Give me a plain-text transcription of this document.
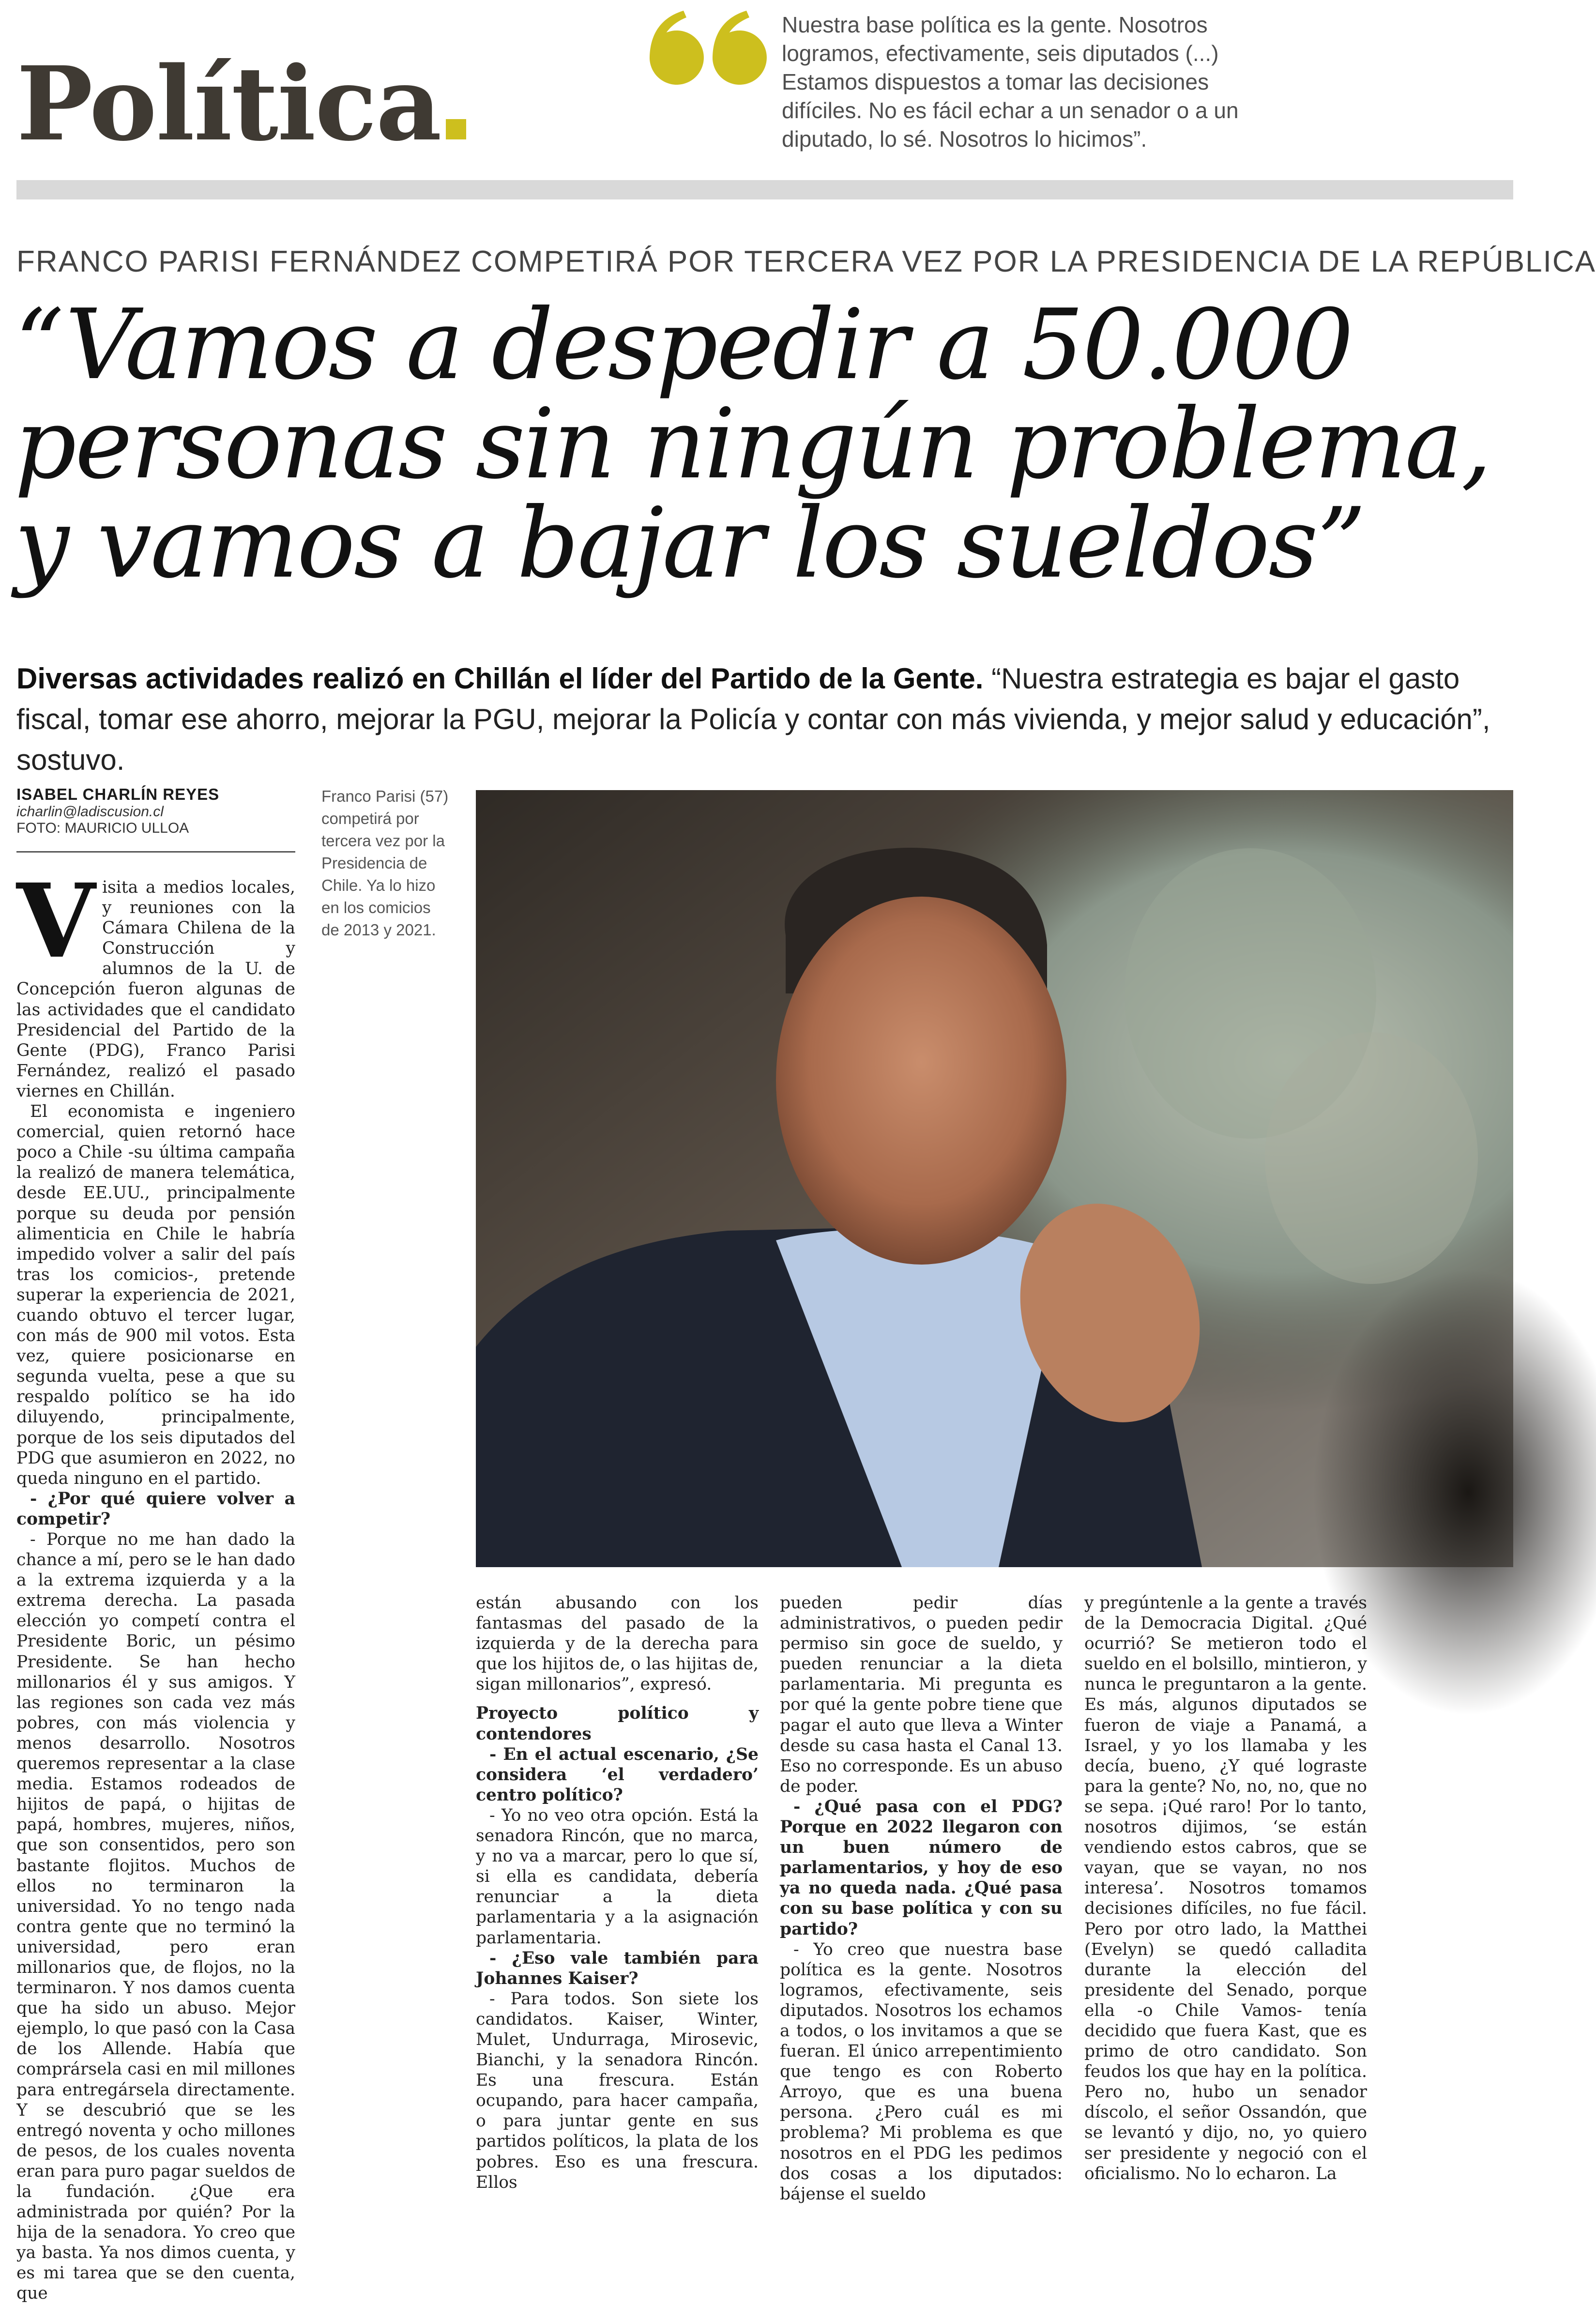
Política
Nuestra base política es la gente. Nosotros
logramos, efectivamente, seis diputados (...)
Estamos dispuestos a tomar las decisiones
difíciles. No es fácil echar a un senador o a un
diputado, lo sé. Nosotros lo hicimos”.
FRANCO PARISI FERNÁNDEZ COMPETIRÁ POR TERCERA VEZ POR LA PRESIDENCIA DE LA REPÚBLICA
“Vamos a despedir a 50.000
personas sin ningún problema,
y vamos a bajar los sueldos”
Diversas actividades realizó en Chillán el líder del Partido de la Gente. “Nuestra estrategia es bajar el gasto fiscal, tomar ese ahorro, mejorar la PGU, mejorar la Policía y contar con más vivienda, y mejor salud y educación”, sostuvo.
ISABEL CHARLÍN REYES
icharlin@ladiscusion.cl
FOTO: MAURICIO ULLOA
Franco Parisi (57) competirá por tercera vez por la Presidencia de Chile. Ya lo hizo en los comicios de 2013 y 2021.

Visita a medios locales, y reuniones con la Cámara Chilena de la Construcción y alumnos de la U. de Concepción fueron algunas de las actividades que el candidato Presidencial del Partido de la Gente (PDG), Franco Parisi Fernández, realizó el pasado viernes en Chillán.

El economista e ingeniero comercial, quien retornó hace poco a Chile -su última campaña la realizó de manera telemática, desde EE.UU., principalmente porque su deuda por pensión alimenticia en Chile le habría impedido volver a salir del país tras los comicios-, pretende superar la experiencia de 2021, cuando obtuvo el tercer lugar, con más de 900 mil votos. Esta vez, quiere posicionarse en segunda vuelta, pese a que su respaldo político se ha ido diluyendo, principalmente, porque de los seis diputados del PDG que asumieron en 2022, no queda ninguno en el partido.

- ¿Por qué quiere volver a competir?

- Porque no me han dado la chance a mí, pero se le han dado a la extrema izquierda y a la extrema derecha. La pasada elección yo competí contra el Presidente Boric, un pésimo Presidente. Se han hecho millonarios él y sus amigos. Y las regiones son cada vez más pobres, con más violencia y menos desarrollo. Nosotros queremos representar a la clase media. Estamos rodeados de hijitos de papá, o hijitas de papá, hombres, mujeres, niños, que son consentidos, pero son bastante flojitos. Muchos de ellos no terminaron la universidad. Yo no tengo nada contra gente que no terminó la universidad, pero eran millonarios que, de flojos, no la terminaron. Y nos damos cuenta que ha sido un abuso. Mejor ejemplo, lo que pasó con la Casa de los Allende. Había que comprársela casi en mil millones para entregársela directamente. Y se descubrió que se les entregó noventa y ocho millones de pesos, de los cuales noventa eran para puro pagar sueldos de la fundación. ¿Que era administrada por quién? Por la hija de la senadora. Yo creo que ya basta. Ya nos dimos cuenta, y es mi tarea que se den cuenta, que

están abusando con los fantasmas del pasado de la izquierda y de la derecha para que los hijitos de, o las hijitas de, sigan millonarios”, expresó.

Proyecto político y contendores

- En el actual escenario, ¿Se considera ‘el verdadero’ centro político?

- Yo no veo otra opción. Está la senadora Rincón, que no marca, y no va a marcar, pero lo que sí, si ella es candidata, debería renunciar a la dieta parlamentaria y a la asignación parlamentaria.

- ¿Eso vale también para Johannes Kaiser?

- Para todos. Son siete los candidatos. Kaiser, Winter, Mulet, Undurraga, Mirosevic, Bianchi, y la senadora Rincón. Es una frescura. Están ocupando, para hacer campaña, o para juntar gente en sus partidos políticos, la plata de los pobres. Eso es una frescura. Ellos

pueden pedir días administrativos, o pueden pedir permiso sin goce de sueldo, y pueden renunciar a la dieta parlamentaria. Mi pregunta es por qué la gente pobre tiene que pagar el auto que lleva a Winter desde su casa hasta el Canal 13. Eso no corresponde. Es un abuso de poder.

- ¿Qué pasa con el PDG? Porque en 2022 llegaron con un buen número de parlamentarios, y hoy de eso ya no queda nada. ¿Qué pasa con su base política y con su partido?

- Yo creo que nuestra base política es la gente. Nosotros logramos, efectivamente, seis diputados. Nosotros los echamos a todos, o los invitamos a que se fueran. El único arrepentimiento que tengo es con Roberto Arroyo, que es una buena persona. ¿Pero cuál es mi problema? Mi problema es que nosotros en el PDG les pedimos dos cosas a los diputados: bájense el sueldo

y pregúntenle a la gente a través de la Democracia Digital. ¿Qué ocurrió? Se metieron todo el sueldo en el bolsillo, mintieron, y nunca le preguntaron a la gente. Es más, algunos diputados se fueron de viaje a Panamá, a Israel, y yo los llamaba y les decía, bueno, ¿Y qué lograste para la gente? No, no, no, que no se sepa. ¡Qué raro! Por lo tanto, nosotros dijimos, ‘se están vendiendo estos cabros, que se vayan, que se vayan, no nos interesa’. Nosotros tomamos decisiones difíciles, no fue fácil. Pero por otro lado, la Matthei (Evelyn) se quedó calladita durante la elección del presidente del Senado, porque ella -o Chile Vamos- tenía decidido que fuera Kast, que es primo de otro candidato. Son feudos los que hay en la política. Pero no, hubo un senador díscolo, el señor Ossandón, que se levantó y dijo, no, yo quiero ser presidente y negoció con el oficialismo. No lo echaron. La
